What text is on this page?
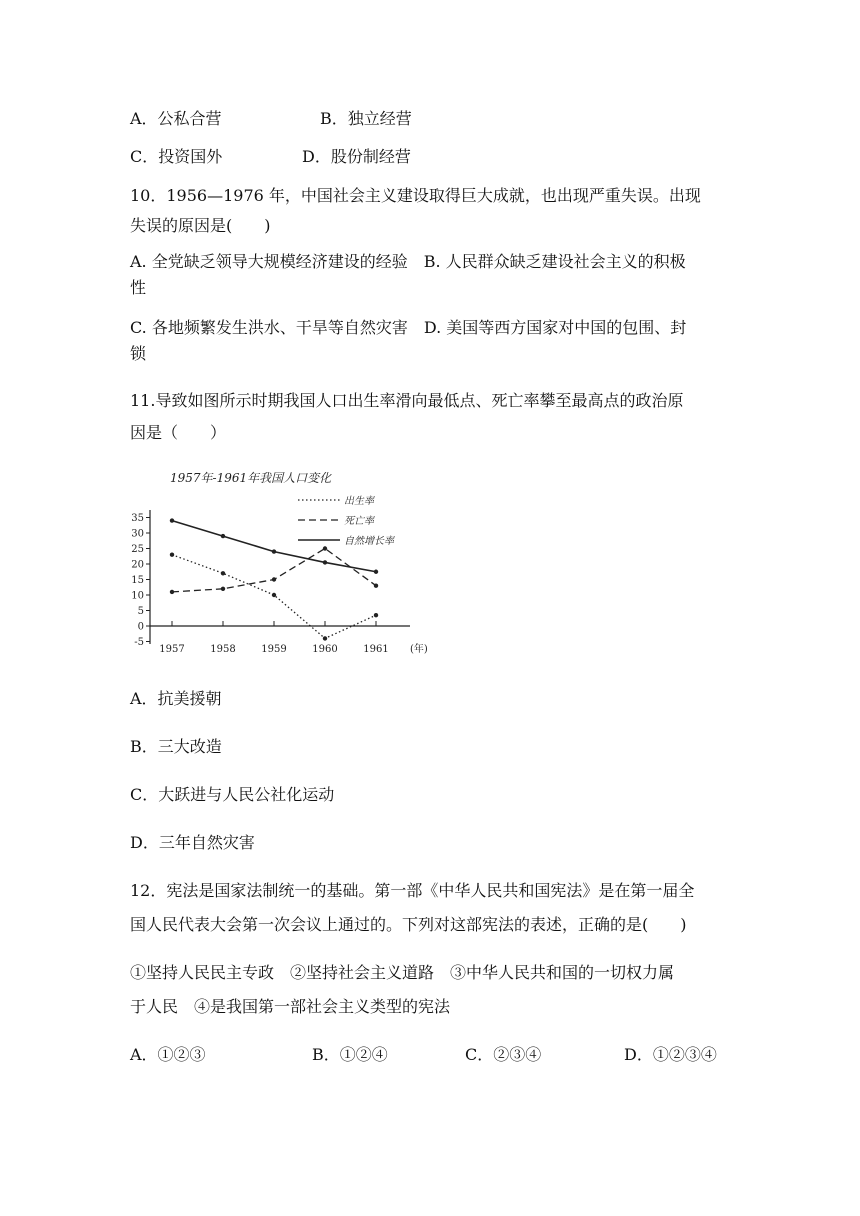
A．公私合营	B．独立经营
C．投资国外	D．股份制经营
10．1956—1976 年，中国社会主义建设取得巨大成就，也出现严重失误。出现
失误的原因是(　　)
A. 全党缺乏领导大规模经济建设的经验　B. 人民群众缺乏建设社会主义的积极
性
C. 各地频繁发生洪水、干旱等自然灾害　D. 美国等西方国家对中国的包围、封
锁
11.导致如图所示时期我国人口出生率滑向最低点、死亡率攀至最高点的政治原
因是（　　）
1957年-1961年我国人口变化
-5
0
5
10
15
20
25
30
35
1957	1958	1959	1960	1961
出生率
死亡率
自然增长率
(年)
A．抗美援朝
B．三大改造
C．大跃进与人民公社化运动
D．三年自然灾害
12．宪法是国家法制统一的基础。第一部《中华人民共和国宪法》是在第一届全
国人民代表大会第一次会议上通过的。下列对这部宪法的表述，正确的是(　　)
①坚持人民民主专政　②坚持社会主义道路　③中华人民共和国的一切权力属
于人民　④是我国第一部社会主义类型的宪法
A．①②③	B．①②④	C．②③④	D．①②③④
